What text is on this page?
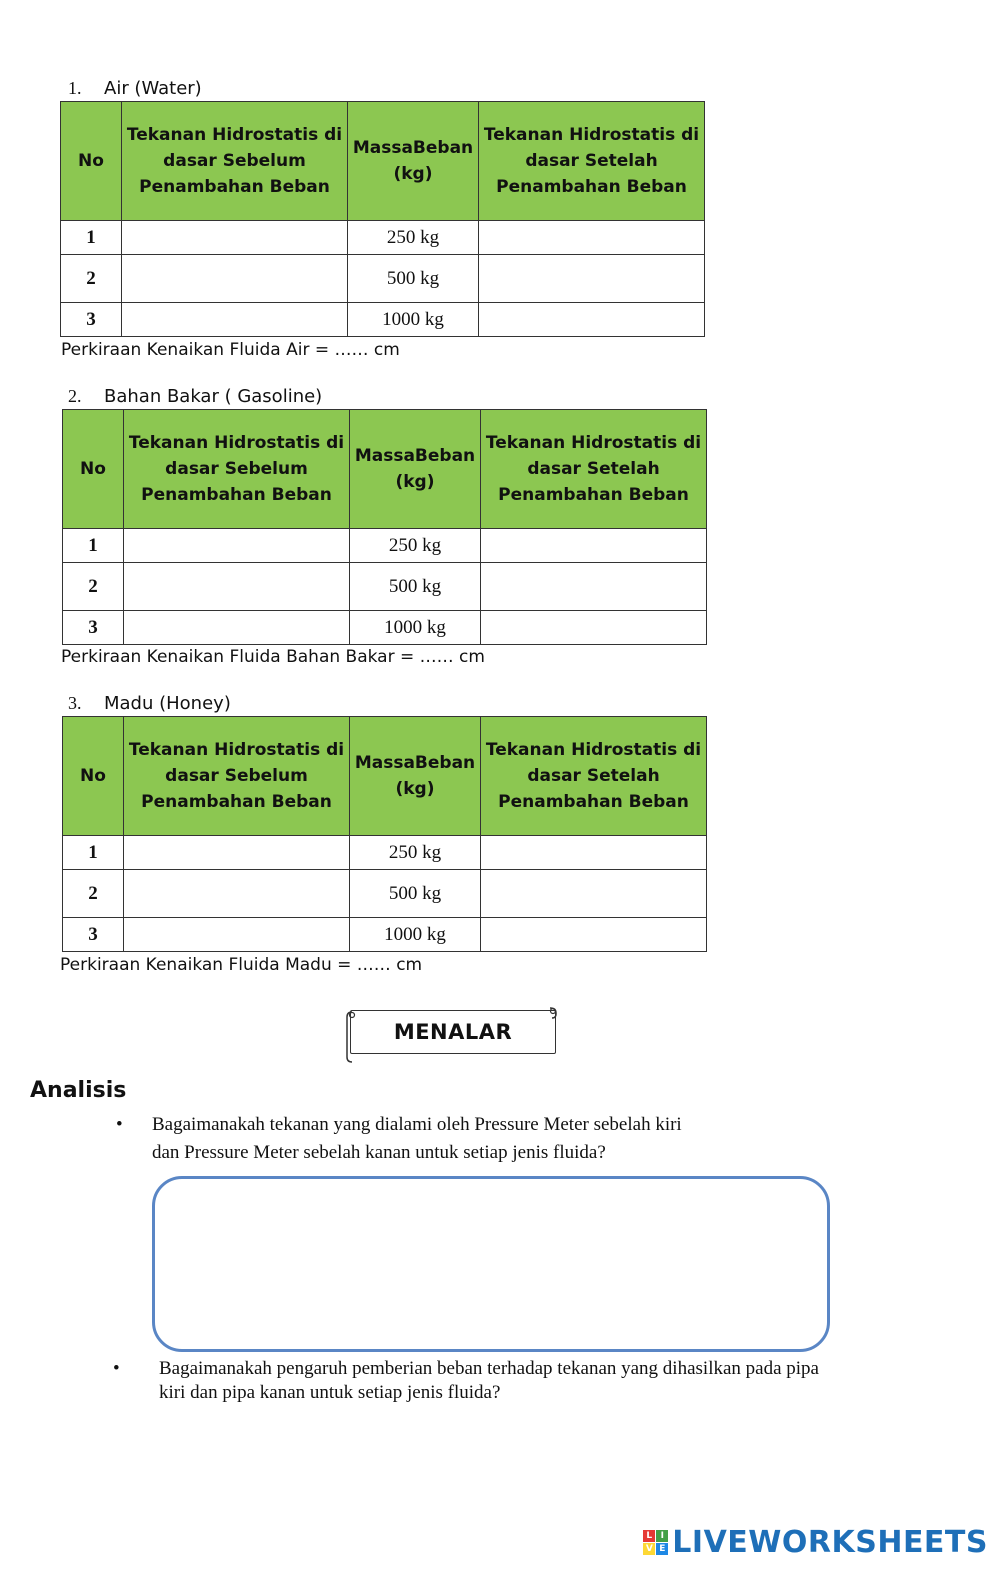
1. Air (Water)
No	Tekanan Hidrostatis di dasar Sebelum Penambahan Beban	MassaBeban (kg)	Tekanan Hidrostatis di dasar Setelah Penambahan Beban
1		250 kg	
2		500 kg	
3		1000 kg	
Perkiraan Kenaikan Fluida Air = …… cm
2. Bahan Bakar ( Gasoline)
No	Tekanan Hidrostatis di dasar Sebelum Penambahan Beban	MassaBeban (kg)	Tekanan Hidrostatis di dasar Setelah Penambahan Beban
1		250 kg	
2		500 kg	
3		1000 kg	
Perkiraan Kenaikan Fluida Bahan Bakar = …… cm
3. Madu (Honey)
No	Tekanan Hidrostatis di dasar Sebelum Penambahan Beban	MassaBeban (kg)	Tekanan Hidrostatis di dasar Setelah Penambahan Beban
1		250 kg	
2		500 kg	
3		1000 kg	
Perkiraan Kenaikan Fluida Madu = …… cm
MENALAR
Analisis
• Bagaimanakah tekanan yang dialami oleh Pressure Meter sebelah kiri
dan Pressure Meter sebelah kanan untuk setiap jenis fluida?
• Bagaimanakah pengaruh pemberian beban terhadap tekanan yang dihasilkan pada pipa
kiri dan pipa kanan untuk setiap jenis fluida?
L I
V E LIVEWORKSHEETS
